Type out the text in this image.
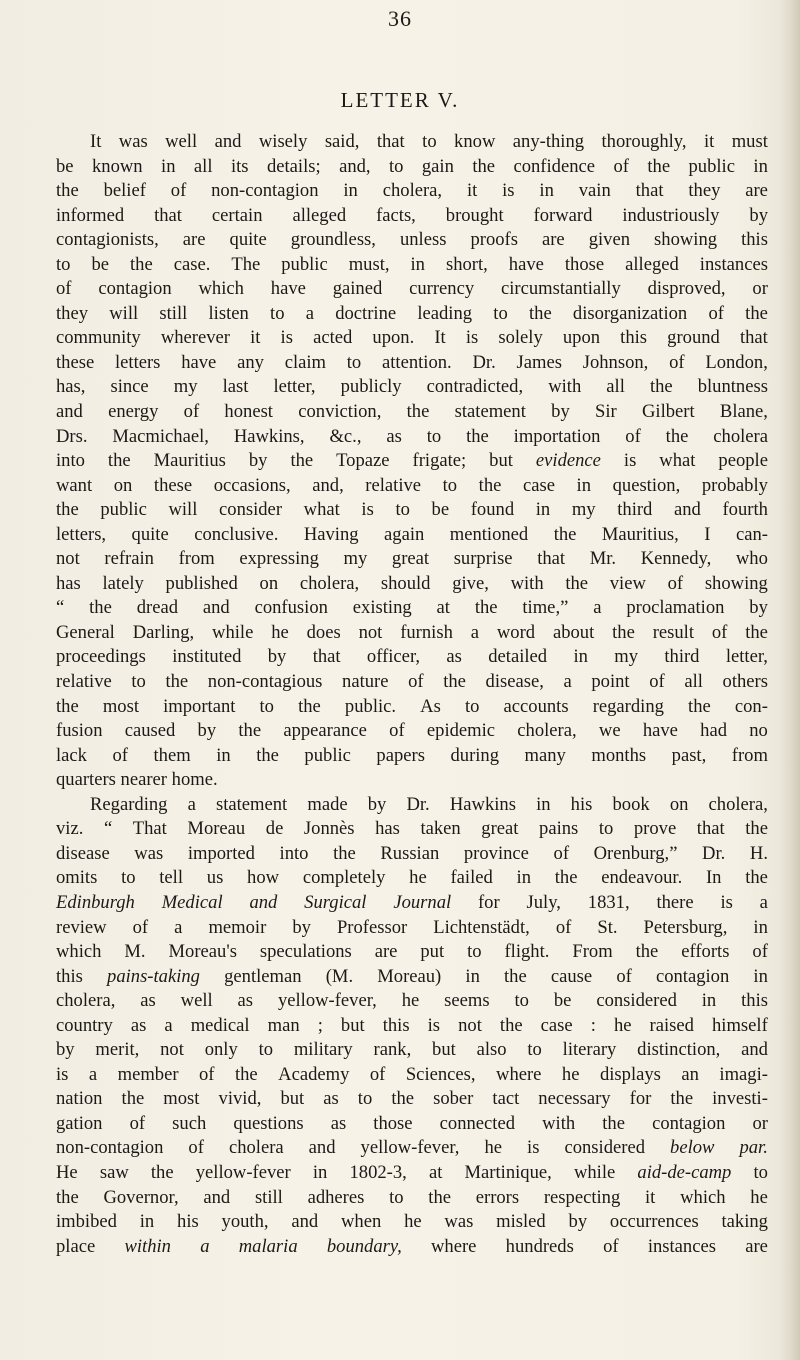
36
LETTER V.
It was well and wisely said, that to know any-thing thoroughly, it must
be known in all its details; and, to gain the confidence of the public in
the belief of non-contagion in cholera, it is in vain that they are
informed that certain alleged facts, brought forward industriously by
contagionists, are quite groundless, unless proofs are given showing this
to be the case. The public must, in short, have those alleged instances
of contagion which have gained currency circumstantially disproved, or
they will still listen to a doctrine leading to the disorganization of the
community wherever it is acted upon. It is solely upon this ground that
these letters have any claim to attention. Dr. James Johnson, of London,
has, since my last letter, publicly contradicted, with all the bluntness
and energy of honest conviction, the statement by Sir Gilbert Blane,
Drs. Macmichael, Hawkins, &c., as to the importation of the cholera
into the Mauritius by the Topaze frigate; but evidence is what people
want on these occasions, and, relative to the case in question, probably
the public will consider what is to be found in my third and fourth
letters, quite conclusive. Having again mentioned the Mauritius, I can-
not refrain from expressing my great surprise that Mr. Kennedy, who
has lately published on cholera, should give, with the view of showing
“ the dread and confusion existing at the time,” a proclamation by
General Darling, while he does not furnish a word about the result of the
proceedings instituted by that officer, as detailed in my third letter,
relative to the non-contagious nature of the disease, a point of all others
the most important to the public. As to accounts regarding the con-
fusion caused by the appearance of epidemic cholera, we have had no
lack of them in the public papers during many months past, from
quarters
nearer
home.
Regarding a statement made by Dr. Hawkins in his book on cholera,
viz. “ That Moreau de Jonnès has taken great pains to prove that the
disease was imported into the Russian province of Orenburg,” Dr. H.
omits to tell us how completely he failed in the endeavour. In the
Edinburgh Medical and Surgical Journal for July, 1831, there is a
review of a memoir by Professor Lichtenstädt, of St. Petersburg, in
which M. Moreau's speculations are put to flight. From the efforts of
this pains-taking gentleman (M. Moreau) in the cause of contagion in
cholera, as well as yellow-fever, he seems to be considered in this
country as a medical man ; but this is not the case : he raised himself
by merit, not only to military rank, but also to literary distinction, and
is a member of the Academy of Sciences, where he displays an imagi-
nation the most vivid, but as to the sober tact necessary for the investi-
gation of such questions as those connected with the contagion or
non-contagion of cholera and yellow-fever, he is considered below par.
He saw the yellow-fever in 1802-3, at Martinique, while aid-de-camp to
the Governor, and still adheres to the errors respecting it which he
imbibed in his youth, and when he was misled by occurrences taking
place within a malaria boundary, where hundreds of instances are
